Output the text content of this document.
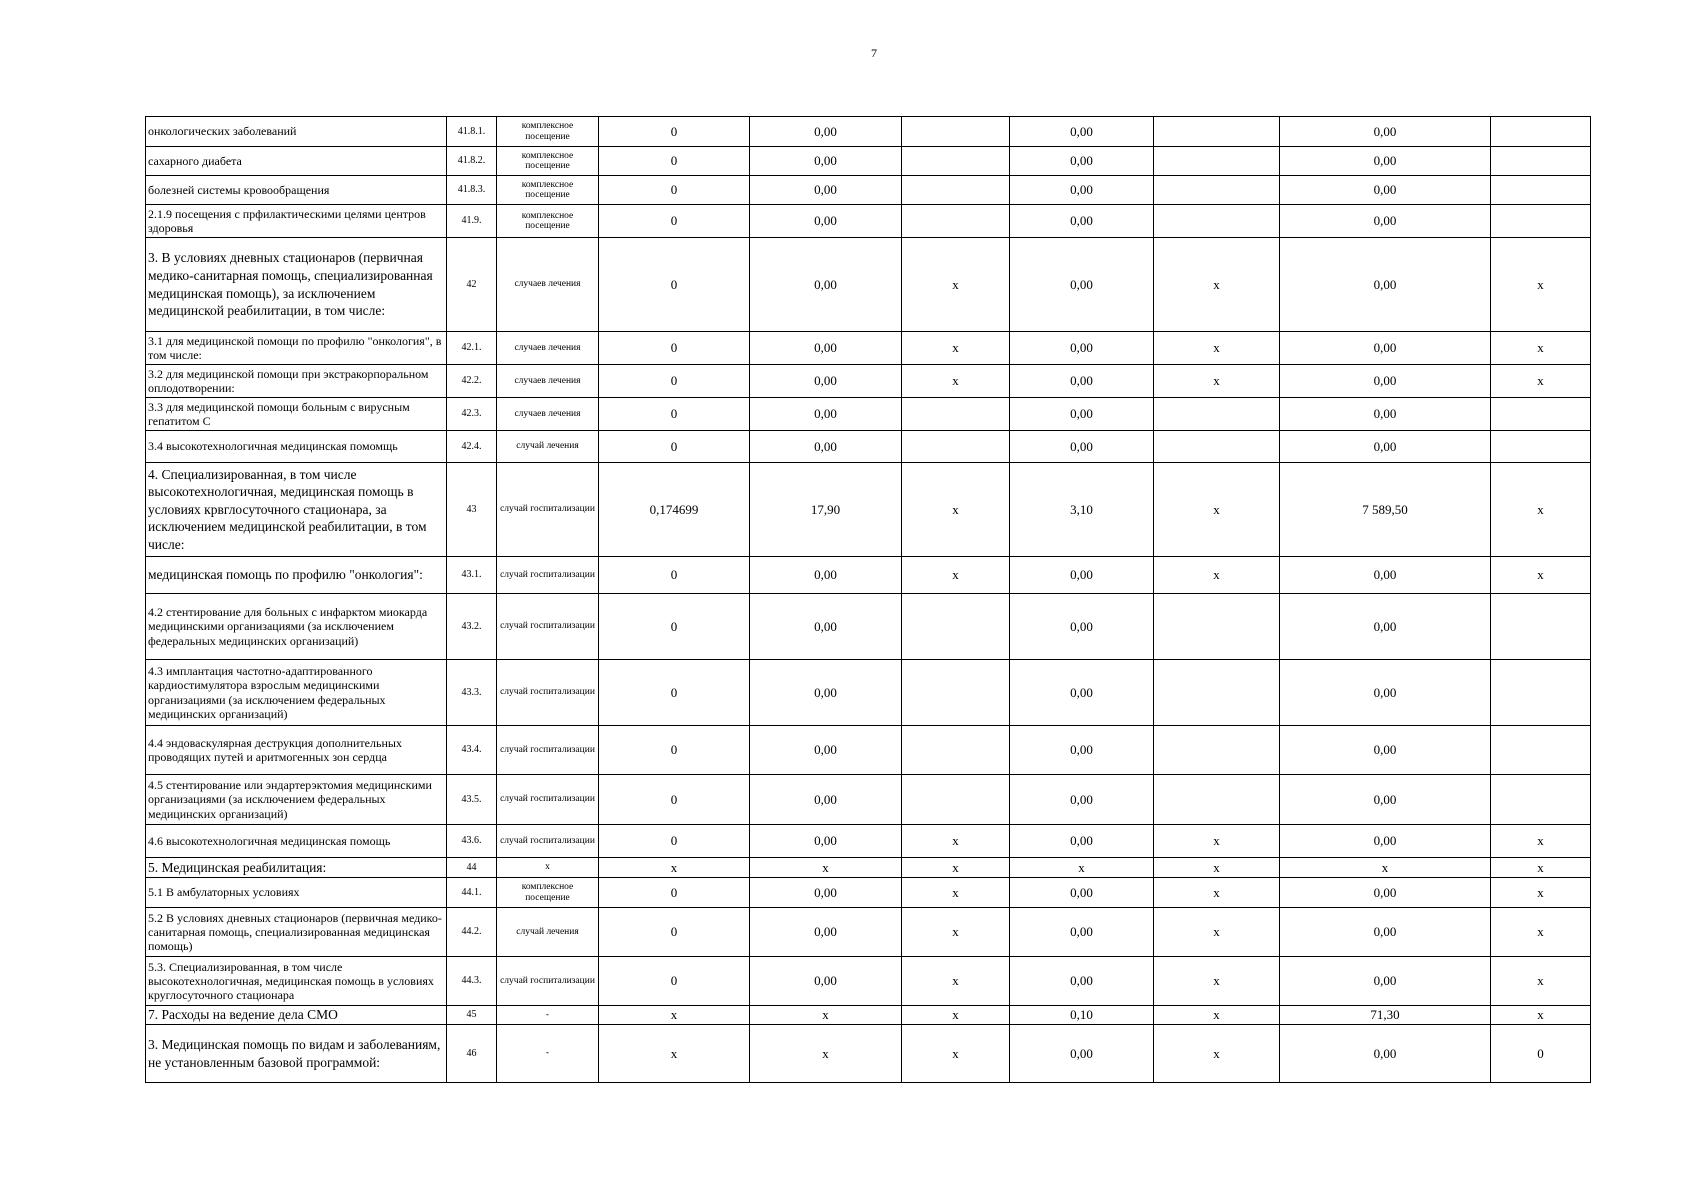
7
онкологических заболеваний	41.8.1.	комплексное посещение	0	0,00		0,00		0,00	
сахарного диабета	41.8.2.	комплексное посещение	0	0,00		0,00		0,00	
болезней системы кровообращения	41.8.3.	комплексное посещение	0	0,00		0,00		0,00	
2.1.9 посещения с прфилактическими целями центров здоровья	41.9.	комплексное посещение	0	0,00		0,00		0,00	
3. В условиях дневных стационаров (первичная медико-санитарная помощь, специализированная медицинская помощь), за исключением медицинской реабилитации, в том числе:	42	случаев лечения	0	0,00	х	0,00	х	0,00	х
3.1 для медицинской помощи по профилю "онкология", в том числе:	42.1.	случаев лечения	0	0,00	х	0,00	х	0,00	х
3.2 для медицинской помощи при экстракорпоральном оплодотворении:	42.2.	случаев лечения	0	0,00	х	0,00	х	0,00	х
3.3 для медицинской помощи больным с вирусным гепатитом С	42.3.	случаев лечения	0	0,00		0,00		0,00	
3.4 высокотехнологичная медицинская помомщь	42.4.	случай лечения	0	0,00		0,00		0,00	
4. Специализированная, в том числе высокотехнологичная, медицинская помощь в условиях крвглосуточного стационара, за исключением медицинской реабилитации, в том числе:	43	случай госпитализации	0,174699	17,90	х	3,10	х	7 589,50	х
медицинская помощь по профилю "онкология":	43.1.	случай госпитализации	0	0,00	х	0,00	х	0,00	х
4.2 стентирование для больных с инфарктом миокарда медицинскими организациями (за исключением федеральных медицинских организаций)	43.2.	случай госпитализации	0	0,00		0,00		0,00	
4.3 имплантация частотно-адаптированного кардиостимулятора взрослым медицинскими организациями (за исключением федеральных медицинских организаций)	43.3.	случай госпитализации	0	0,00		0,00		0,00	
4.4 эндоваскулярная деструкция дополнительных проводящих путей и аритмогенных зон сердца	43.4.	случай госпитализации	0	0,00		0,00		0,00	
4.5 стентирование или эндартерэктомия медицинскими организациями (за исключением федеральных медицинских организаций)	43.5.	случай госпитализации	0	0,00		0,00		0,00	
4.6 высокотехнологичная медицинская помощь	43.6.	случай госпитализации	0	0,00	х	0,00	х	0,00	х
5. Медицинская реабилитация:	44	х	х	х	х	х	х	х	х
5.1 В амбулаторных условиях	44.1.	комплексное посещение	0	0,00	х	0,00	х	0,00	х
5.2 В условиях дневных стационаров (первичная медико-санитарная помощь, специализированная медицинская помощь)	44.2.	случай лечения	0	0,00	х	0,00	х	0,00	х
5.3. Специализированная, в том числе высокотехнологичная, медицинская помощь в условиях круглосуточного стационара	44.3.	случай госпитализации	0	0,00	х	0,00	х	0,00	х
7. Расходы на ведение дела СМО	45	-	х	х	х	0,10	х	71,30	х
3. Медицинская помощь по видам и заболеваниям, не установленным базовой программой:	46	-	х	х	х	0,00	х	0,00	0
